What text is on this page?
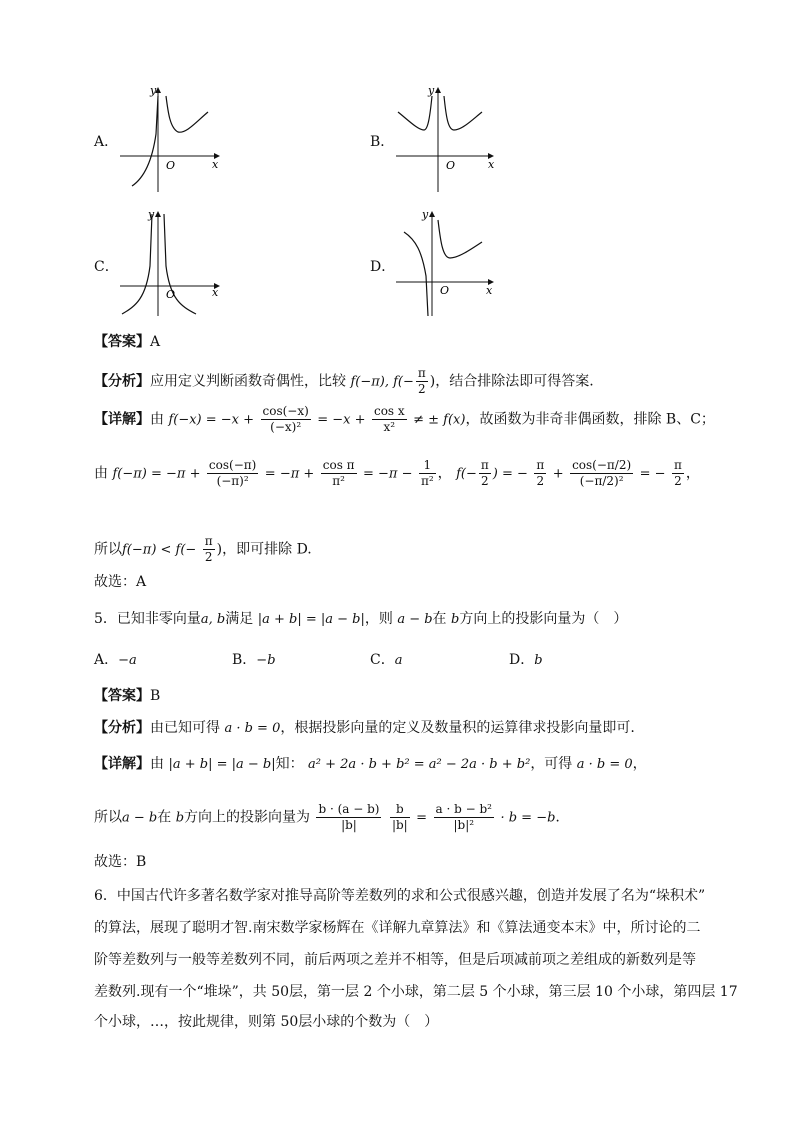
A．
y
x
O
B．
y
x
O
C．
y
x
O
D．
y
x
O
【答案】A
【分析】应用定义判断函数奇偶性，比较 f(−π), $f(- \frac{\pi}{2}$ )，结合排除法即可得答案.
【详解】由 $f(-x) = -x + \frac{\cos(-x)}{\text{(−x)²}} = -x + \frac{\text{cos x}}{\text{x²}}$ ≠ ± f(x)，故函数为非奇非偶函数，排除 B、C；
由 $f(-\pi) = -\pi + \frac{\cos(-\pi)}{\text{(−π)²}} = -\pi + \frac{\text{cos π}}{\text{π²}} = -\pi - \frac{1}{\text{π²}}$ ， $f(- \frac{\pi}{2}$ ) = − $\frac{\pi}{2} + \frac{\cos(-\pi/2)}{\text{(−π/2)²}}$ = − $\frac{\pi}{2}$ ，
所以$f(-\pi) < f(- \frac{\pi}{2}$ )，即可排除 D.
故选：A
5．已知非零向量a, b满足 |a + b| = |a − b|，则 a − b在 b方向上的投影向量为（　）
A．−a	B．−b	C．a	D．b
【答案】B
【分析】由已知可得 a · b = 0，根据投影向量的定义及数量积的运算律求投影向量即可.
【详解】由 |a + b| = |a − b|知： a² + 2a · b + b² = a² − 2a · b + b²，可得 a · b = 0，
所以a − b在 b方向上的投影向量为 $\frac{b \cdot (a - b)}{|b|}$
$\frac{b}{|b|} = \frac{\text{a · b − b²}}{\text{|b|²}} \cdot b = -b$.
故选：B
6．中国古代许多著名数学家对推导高阶等差数列的求和公式很感兴趣，创造并发展了名为“垛积术”
的算法，展现了聪明才智.南宋数学家杨辉在《详解九章算法》和《算法通变本末》中，所讨论的二
阶等差数列与一般等差数列不同，前后两项之差并不相等，但是后项减前项之差组成的新数列是等
差数列.现有一个“堆垛”，共 50层，第一层 2 个小球，第二层 5 个小球，第三层 10 个小球，第四层 17
个小球，…，按此规律，则第 50层小球的个数为（　）
